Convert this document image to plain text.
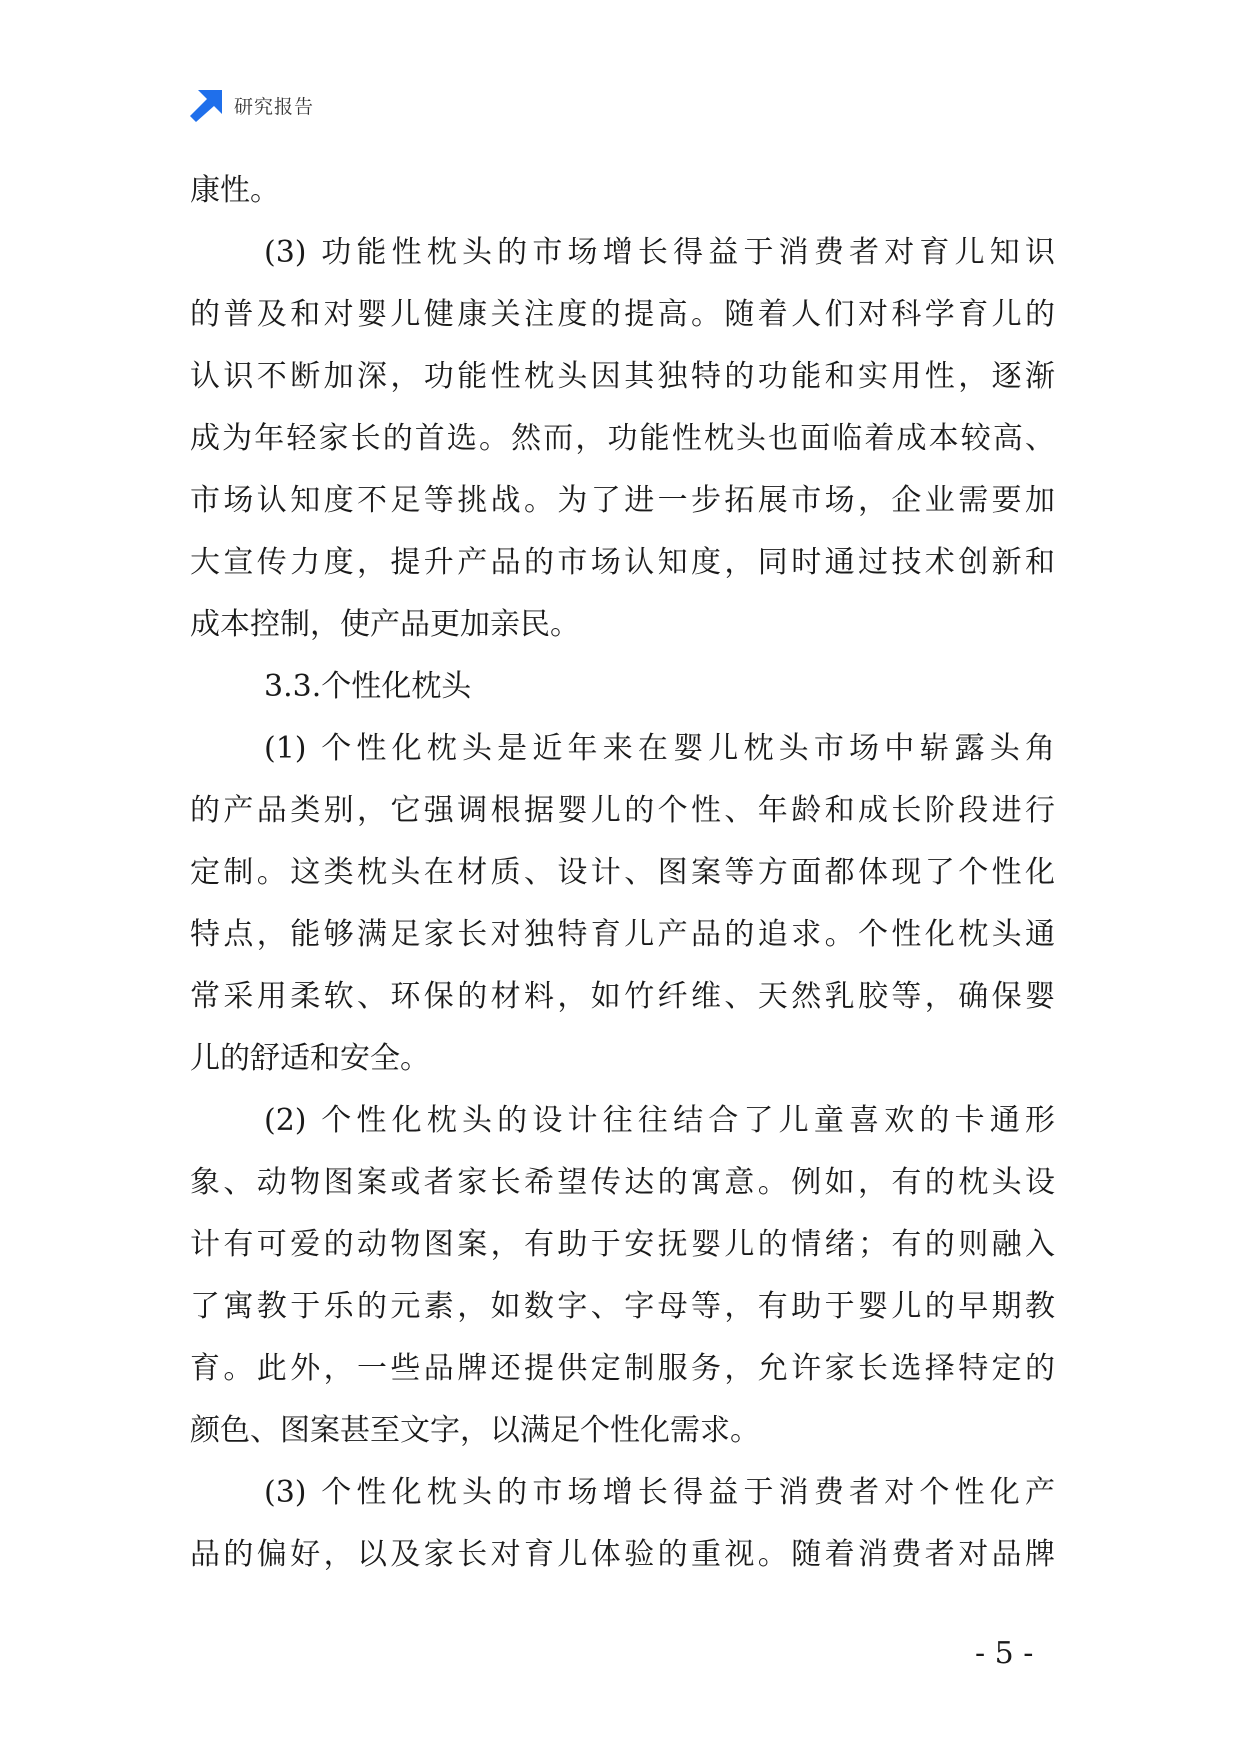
研究报告
康性。
(3) 功能性枕头的市场增长得益于消费者对育儿知识
的普及和对婴儿健康关注度的提高。随着人们对科学育儿的
认识不断加深，功能性枕头因其独特的功能和实用性，逐渐
成为年轻家长的首选。然而，功能性枕头也面临着成本较高、
市场认知度不足等挑战。为了进一步拓展市场，企业需要加
大宣传力度，提升产品的市场认知度，同时通过技术创新和
成本控制，使产品更加亲民。
3.3.个性化枕头
(1) 个性化枕头是近年来在婴儿枕头市场中崭露头角
的产品类别，它强调根据婴儿的个性、年龄和成长阶段进行
定制。这类枕头在材质、设计、图案等方面都体现了个性化
特点，能够满足家长对独特育儿产品的追求。个性化枕头通
常采用柔软、环保的材料，如竹纤维、天然乳胶等，确保婴
儿的舒适和安全。
(2) 个性化枕头的设计往往结合了儿童喜欢的卡通形
象、动物图案或者家长希望传达的寓意。例如，有的枕头设
计有可爱的动物图案，有助于安抚婴儿的情绪；有的则融入
了寓教于乐的元素，如数字、字母等，有助于婴儿的早期教
育。此外，一些品牌还提供定制服务，允许家长选择特定的
颜色、图案甚至文字，以满足个性化需求。
(3) 个性化枕头的市场增长得益于消费者对个性化产
品的偏好，以及家长对育儿体验的重视。随着消费者对品牌
- 5 -
